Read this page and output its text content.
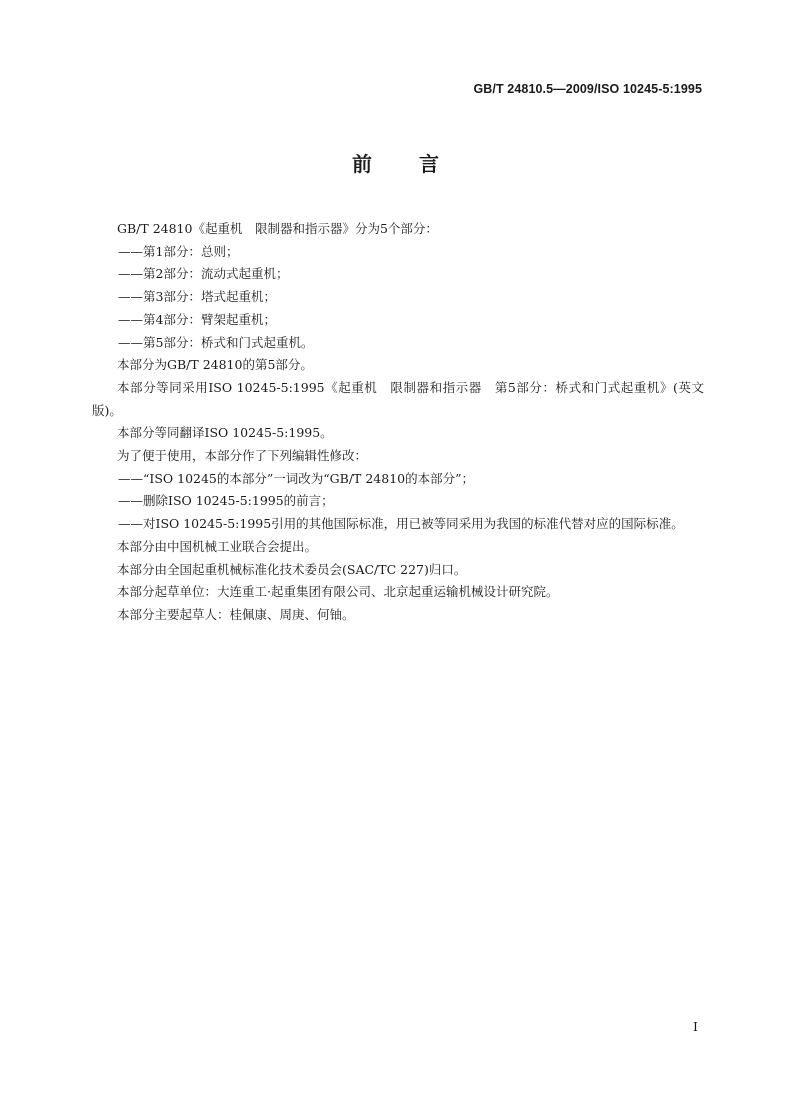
GB/T 24810.5—2009/ISO 10245-5:1995
前 言

GB/T 24810《起重机　限制器和指示器》分为5个部分：

——第1部分：总则；

——第2部分：流动式起重机；

——第3部分：塔式起重机；

——第4部分：臂架起重机；

——第5部分：桥式和门式起重机。

本部分为GB/T 24810的第5部分。

本部分等同采用ISO 10245-5:1995《起重机　限制器和指示器　第5部分：桥式和门式起重机》(英文版)。

本部分等同翻译ISO 10245-5:1995。

为了便于使用，本部分作了下列编辑性修改：

——“ISO 10245的本部分”一词改为“GB/T 24810的本部分”；

——删除ISO 10245-5:1995的前言；

——对ISO 10245-5:1995引用的其他国际标准，用已被等同采用为我国的标准代替对应的国际标准。

本部分由中国机械工业联合会提出。

本部分由全国起重机械标准化技术委员会(SAC/TC 227)归口。

本部分起草单位：大连重工·起重集团有限公司、北京起重运输机械设计研究院。

本部分主要起草人：桂佩康、周庚、何铀。

I
